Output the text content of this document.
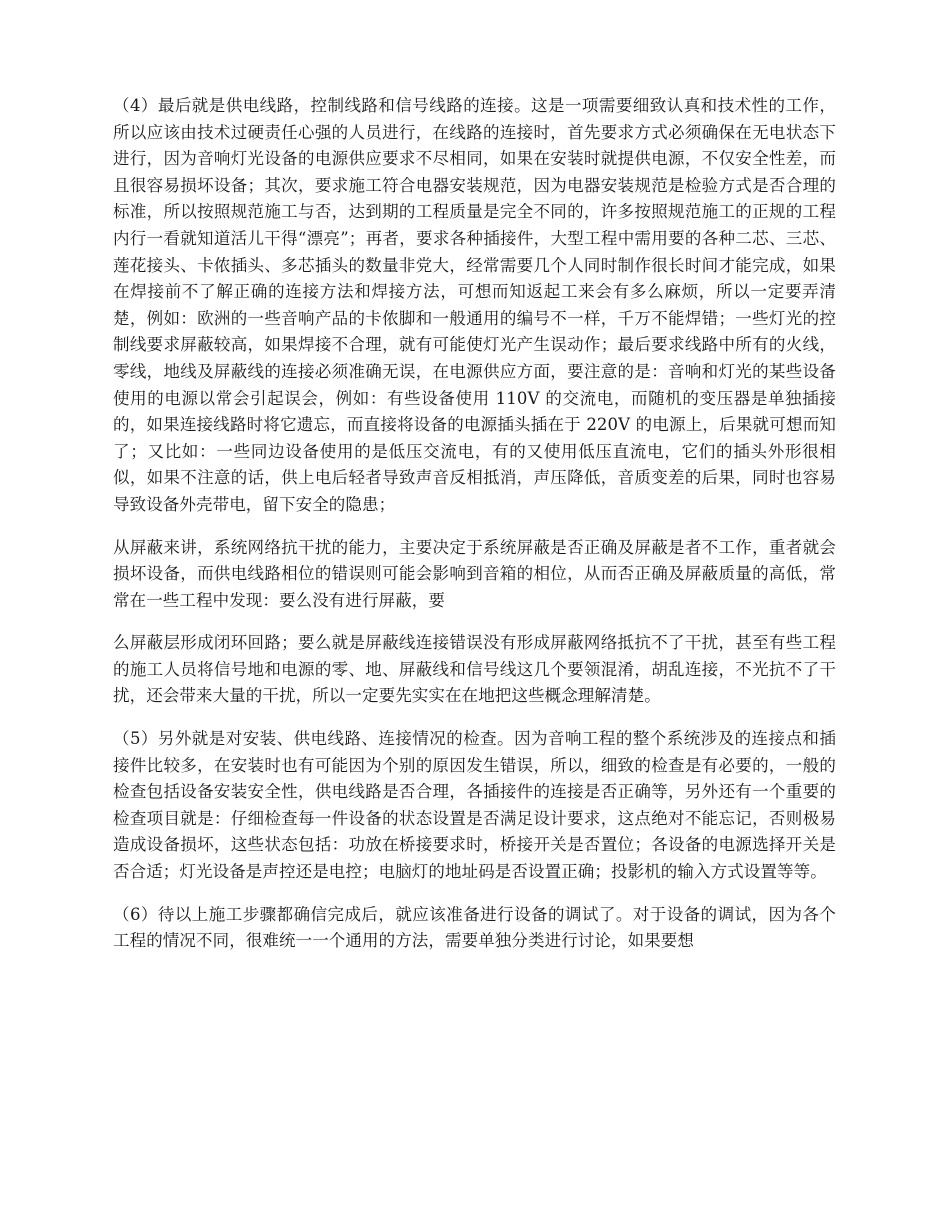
（4）最后就是供电线路，控制线路和信号线路的连接。这是一项需要细致认真和技术性的工作，所以应该由技术过硬责任心强的人员进行，在线路的连接时，首先要求方式必须确保在无电状态下进行，因为音响灯光设备的电源供应要求不尽相同，如果在安装时就提供电源，不仅安全性差，而且很容易损坏设备；其次，要求施工符合电器安装规范，因为电器安装规范是检验方式是否合理的标准，所以按照规范施工与否，达到期的工程质量是完全不同的，许多按照规范施工的正规的工程内行一看就知道活儿干得“漂亮”；再者，要求各种插接件，大型工程中需用要的各种二芯、三芯、莲花接头、卡侬插头、多芯插头的数量非党大，经常需要几个人同时制作很长时间才能完成，如果在焊接前不了解正确的连接方法和焊接方法，可想而知返起工来会有多么麻烦，所以一定要弄清楚，例如：欧洲的一些音响产品的卡侬脚和一般通用的编号不一样，千万不能焊错；一些灯光的控制线要求屏蔽较高，如果焊接不合理，就有可能使灯光产生误动作；最后要求线路中所有的火线，零线，地线及屏蔽线的连接必须准确无误，在电源供应方面，要注意的是：音响和灯光的某些设备使用的电源以常会引起误会，例如：有些设备使用 110V 的交流电，而随机的变压器是单独插接的，如果连接线路时将它遗忘，而直接将设备的电源插头插在于 220V 的电源上，后果就可想而知了；又比如：一些同边设备使用的是低压交流电，有的又使用低压直流电，它们的插头外形很相似，如果不注意的话，供上电后轻者导致声音反相抵消，声压降低，音质变差的后果，同时也容易导致设备外壳带电，留下安全的隐患；

从屏蔽来讲，系统网络抗干扰的能力，主要决定于系统屏蔽是否正确及屏蔽是者不工作，重者就会损坏设备，而供电线路相位的错误则可能会影响到音箱的相位，从而否正确及屏蔽质量的高低，常常在一些工程中发现：要么没有进行屏蔽，要

么屏蔽层形成闭环回路；要么就是屏蔽线连接错误没有形成屏蔽网络抵抗不了干扰，甚至有些工程的施工人员将信号地和电源的零、地、屏蔽线和信号线这几个要领混淆，胡乱连接，不光抗不了干扰，还会带来大量的干扰，所以一定要先实实在在地把这些概念理解清楚。

（5）另外就是对安装、供电线路、连接情况的检查。因为音响工程的整个系统涉及的连接点和插接件比较多，在安装时也有可能因为个别的原因发生错误，所以，细致的检查是有必要的，一般的检查包括设备安装安全性，供电线路是否合理，各插接件的连接是否正确等，另外还有一个重要的检查项目就是：仔细检查每一件设备的状态设置是否满足设计要求，这点绝对不能忘记，否则极易造成设备损坏，这些状态包括：功放在桥接要求时，桥接开关是否置位；各设备的电源选择开关是否合适；灯光设备是声控还是电控；电脑灯的地址码是否设置正确；投影机的输入方式设置等等。

（6）待以上施工步骤都确信完成后，就应该准备进行设备的调试了。对于设备的调试，因为各个工程的情况不同，很难统一一个通用的方法，需要单独分类进行讨论，如果要想
